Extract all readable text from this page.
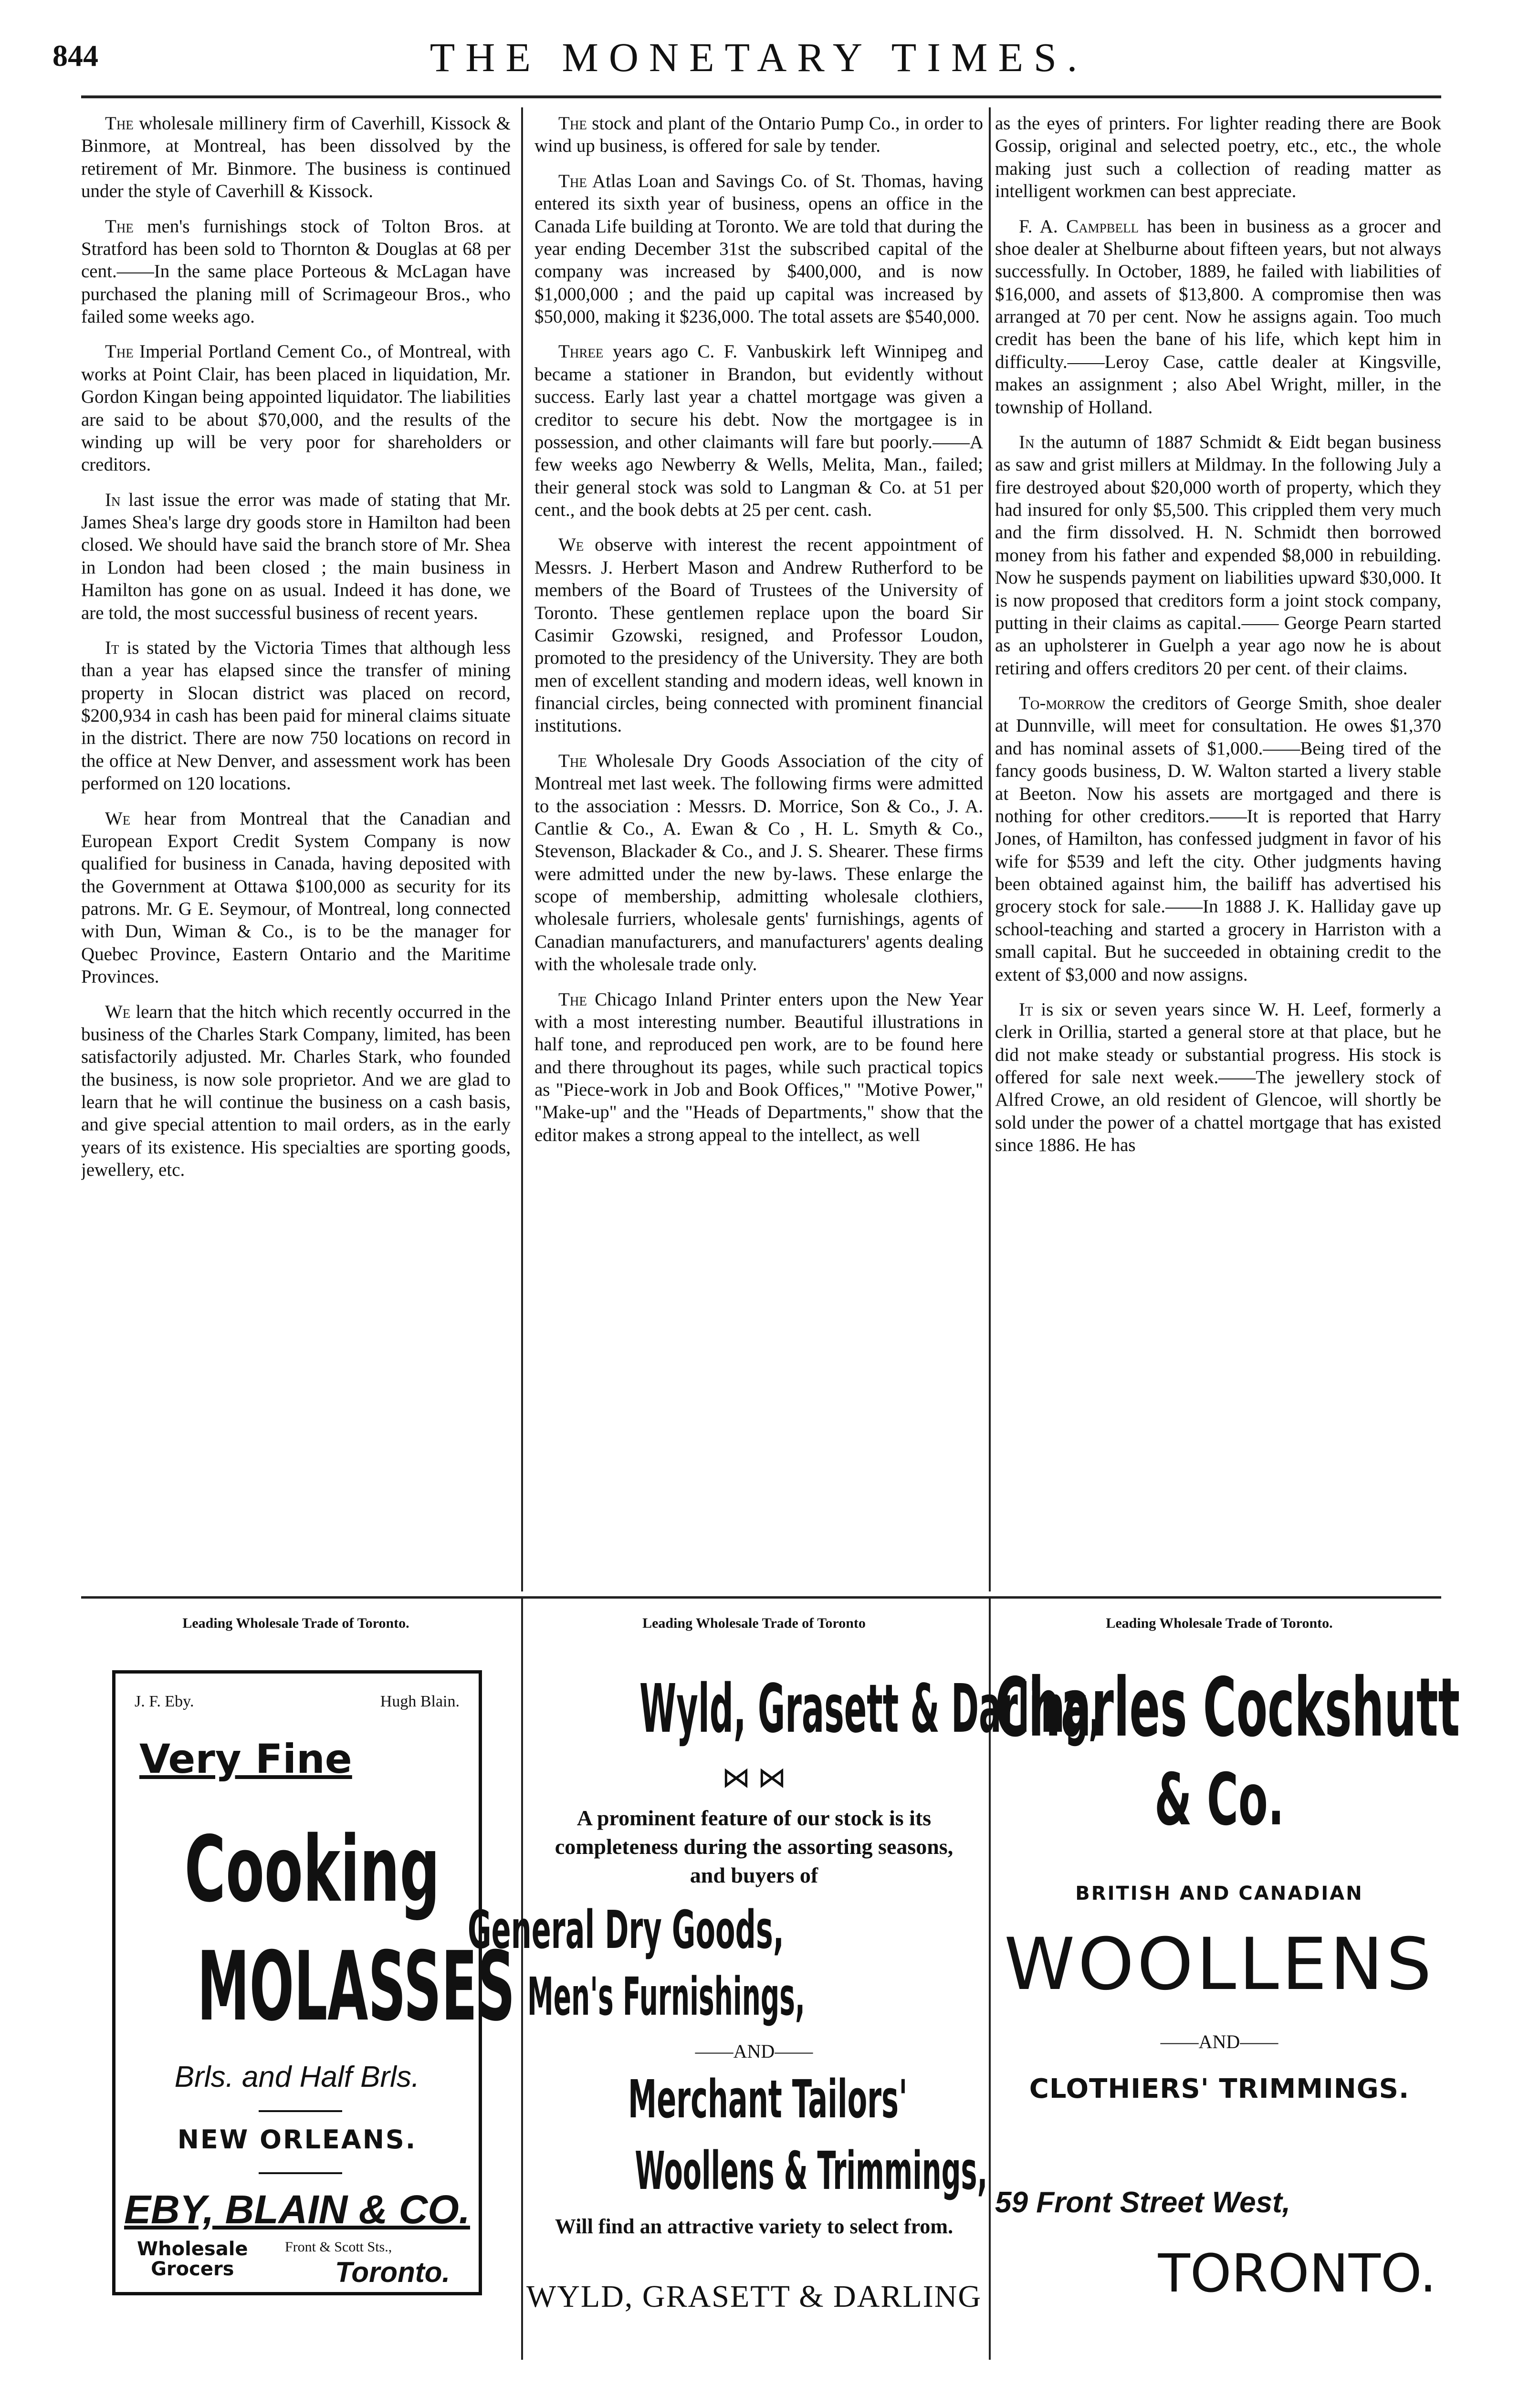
844	THE MONETARY TIMES.

The wholesale millinery firm of Caverhill, Kissock & Binmore, at Montreal, has been dissolved by the retirement of Mr. Binmore. The business is continued under the style of Caverhill & Kissock.

The men's furnishings stock of Tolton Bros. at Stratford has been sold to Thornton & Douglas at 68 per cent.——In the same place Porteous & McLagan have purchased the planing mill of Scrimageour Bros., who failed some weeks ago.

The Imperial Portland Cement Co., of Montreal, with works at Point Clair, has been placed in liquidation, Mr. Gordon Kingan being appointed liquidator. The liabilities are said to be about $70,000, and the results of the winding up will be very poor for shareholders or creditors.

In last issue the error was made of stating that Mr. James Shea's large dry goods store in Hamilton had been closed. We should have said the branch store of Mr. Shea in London had been closed ; the main business in Hamilton has gone on as usual. Indeed it has done, we are told, the most successful business of recent years.

It is stated by the Victoria Times that although less than a year has elapsed since the transfer of mining property in Slocan district was placed on record, $200,934 in cash has been paid for mineral claims situate in the district. There are now 750 locations on record in the office at New Denver, and assessment work has been performed on 120 locations.

We hear from Montreal that the Canadian and European Export Credit System Company is now qualified for business in Canada, having deposited with the Government at Ottawa $100,000 as security for its patrons. Mr. G E. Seymour, of Montreal, long connected with Dun, Wiman & Co., is to be the manager for Quebec Province, Eastern Ontario and the Maritime Provinces.

We learn that the hitch which recently occurred in the business of the Charles Stark Company, limited, has been satisfactorily adjusted. Mr. Charles Stark, who founded the business, is now sole proprietor. And we are glad to learn that he will continue the business on a cash basis, and give special attention to mail orders, as in the early years of its existence. His specialties are sporting goods, jewellery, etc.

The stock and plant of the Ontario Pump Co., in order to wind up business, is offered for sale by tender.

The Atlas Loan and Savings Co. of St. Thomas, having entered its sixth year of business, opens an office in the Canada Life building at Toronto. We are told that during the year ending December 31st the subscribed capital of the company was increased by $400,000, and is now $1,000,000 ; and the paid up capital was increased by $50,000, making it $236,000. The total assets are $540,000.

Three years ago C. F. Vanbuskirk left Winnipeg and became a stationer in Brandon, but evidently without success. Early last year a chattel mortgage was given a creditor to secure his debt. Now the mortgagee is in possession, and other claimants will fare but poorly.——A few weeks ago Newberry & Wells, Melita, Man., failed; their general stock was sold to Langman & Co. at 51 per cent., and the book debts at 25 per cent. cash.

We observe with interest the recent appointment of Messrs. J. Herbert Mason and Andrew Rutherford to be members of the Board of Trustees of the University of Toronto. These gentlemen replace upon the board Sir Casimir Gzowski, resigned, and Professor Loudon, promoted to the presidency of the University. They are both men of excellent standing and modern ideas, well known in financial circles, being connected with prominent financial institutions.

The Wholesale Dry Goods Association of the city of Montreal met last week. The following firms were admitted to the association : Messrs. D. Morrice, Son & Co., J. A. Cantlie & Co., A. Ewan & Co , H. L. Smyth & Co., Stevenson, Blackader & Co., and J. S. Shearer. These firms were admitted under the new by-laws. These enlarge the scope of membership, admitting wholesale clothiers, wholesale furriers, wholesale gents' furnishings, agents of Canadian manufacturers, and manufacturers' agents dealing with the wholesale trade only.

The Chicago Inland Printer enters upon the New Year with a most interesting number. Beautiful illustrations in half tone, and reproduced pen work, are to be found here and there throughout its pages, while such practical topics as "Piece-work in Job and Book Offices," "Motive Power," "Make-up" and the "Heads of Departments," show that the editor makes a strong appeal to the intellect, as well

as the eyes of printers. For lighter reading there are Book Gossip, original and selected poetry, etc., etc., the whole making just such a collection of reading matter as intelligent workmen can best appreciate.

F. A. Campbell has been in business as a grocer and shoe dealer at Shelburne about fifteen years, but not always successfully. In October, 1889, he failed with liabilities of $16,000, and assets of $13,800. A compromise then was arranged at 70 per cent. Now he assigns again. Too much credit has been the bane of his life, which kept him in difficulty.——Leroy Case, cattle dealer at Kingsville, makes an assignment ; also Abel Wright, miller, in the township of Holland.

In the autumn of 1887 Schmidt & Eidt began business as saw and grist millers at Mildmay. In the following July a fire destroyed about $20,000 worth of property, which they had insured for only $5,500. This crippled them very much and the firm dissolved. H. N. Schmidt then borrowed money from his father and expended $8,000 in rebuilding. Now he suspends payment on liabilities upward $30,000. It is now proposed that creditors form a joint stock company, putting in their claims as capital.—— George Pearn started as an upholsterer in Guelph a year ago now he is about retiring and offers creditors 20 per cent. of their claims.

To-morrow the creditors of George Smith, shoe dealer at Dunnville, will meet for consultation. He owes $1,370 and has nominal assets of $1,000.——Being tired of the fancy goods business, D. W. Walton started a livery stable at Beeton. Now his assets are mortgaged and there is nothing for other creditors.——It is reported that Harry Jones, of Hamilton, has confessed judgment in favor of his wife for $539 and left the city. Other judgments having been obtained against him, the bailiff has advertised his grocery stock for sale.——In 1888 J. K. Halliday gave up school-teaching and started a grocery in Harriston with a small capital. But he succeeded in obtaining credit to the extent of $3,000 and now assigns.

It is six or seven years since W. H. Leef, formerly a clerk in Orillia, started a general store at that place, but he did not make steady or substantial progress. His stock is offered for sale next week.——The jewellery stock of Alfred Crowe, an old resident of Glencoe, will shortly be sold under the power of a chattel mortgage that has existed since 1886. He has

Leading Wholesale Trade of Toronto.
J. F. Eby.	Hugh Blain.
Very Fine
Cooking
MOLASSES
Brls. and Half Brls.
NEW ORLEANS.
EBY, BLAIN & CO.
Wholesale
Grocers
Front & Scott Sts.,
Toronto.
Leading Wholesale Trade of Toronto
Wyld, Grasett & Darling,
⋈ ⋈
A prominent feature of our stock is its completeness during the assorting seasons, and buyers of
General Dry Goods,
Men's Furnishings,
——AND——
Merchant Tailors'
Woollens & Trimmings,
Will find an attractive variety to select from.
WYLD, GRASETT & DARLING
Leading Wholesale Trade of Toronto.
Charles Cockshutt
& Co.
BRITISH AND CANADIAN
WOOLLENS
——AND——
CLOTHIERS' TRIMMINGS.
59 Front Street West,
TORONTO.
